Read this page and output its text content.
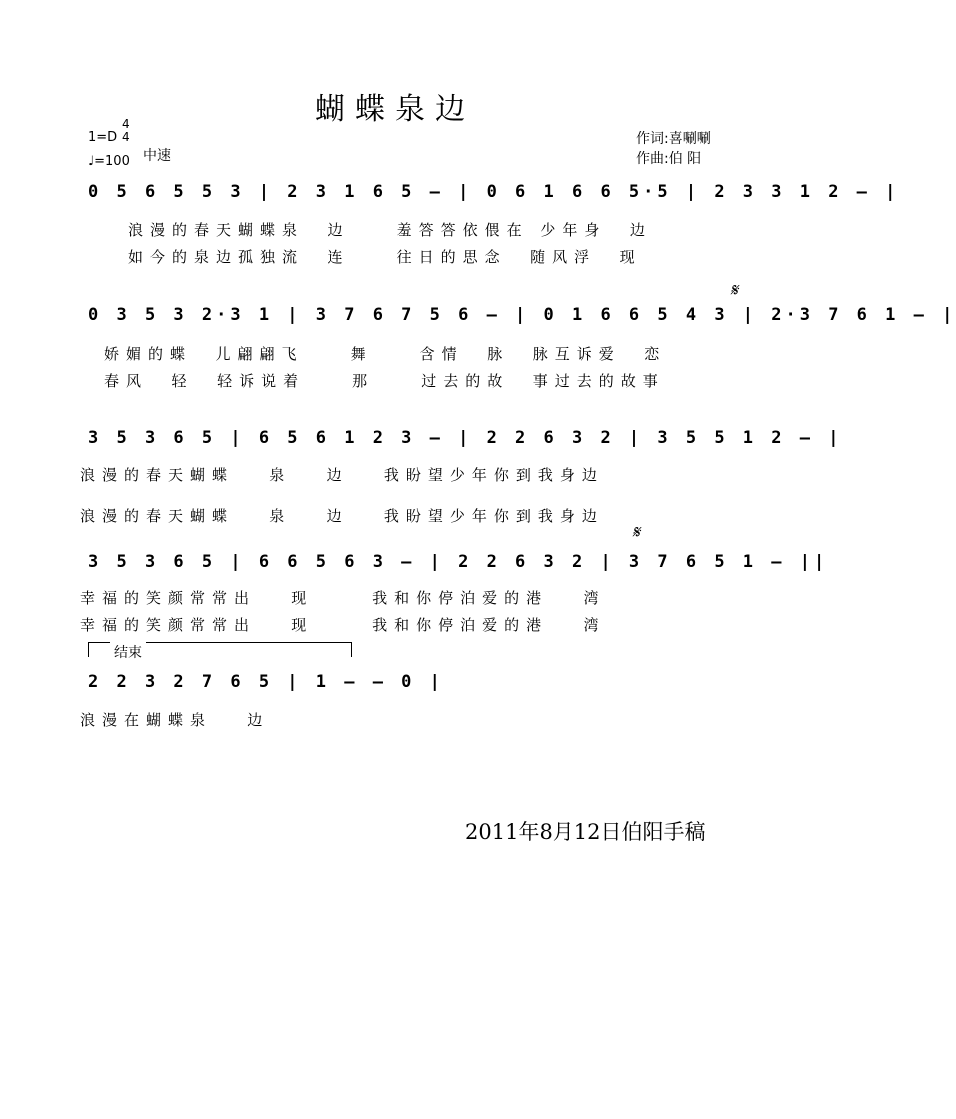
蝴蝶泉边
1=D
4
4
♩=100 中速
作词:喜唰唰
作曲:伯 阳
0 5 6 5 5 3 | 2 3 1 6 5 – | 0 6 1 6 6 5·5 | 2 3 3 1 2 – |
浪漫的春天蝴蝶泉  边    羞答答依偎在 少年身  边
如今的泉边孤独流  连    往日的思念  随风浮  现
0 3 5 3 2·3 1 | 3 7 6 7 5 6 – | 0 1 6 6 5 4 3 | 2·3 7 6 1 – |
𝄋
娇媚的蝶  儿翩翩飞    舞    含情  脉  脉互诉爱  恋
春风  轻  轻诉说着    那    过去的故  事过去的故事
3 5 3 6 5 | 6 5 6 1 2 3 – | 2 2 6 3 2 | 3 5 5 1 2 – |
浪漫的春天蝴蝶   泉   边   我盼望少年你到我身边
浪漫的春天蝴蝶   泉   边   我盼望少年你到我身边
𝄋
3 5 3 6 5 | 6 6 5 6 3 – | 2 2 6 3 2 | 3 7 6 5 1 – ||
幸福的笑颜常常出   现     我和你停泊爱的港   湾
幸福的笑颜常常出   现     我和你停泊爱的港   湾
结束
2 2 3 2 7 6 5 | 1 – – 0 |
浪漫在蝴蝶泉   边
2011年8月12日伯阳手稿
